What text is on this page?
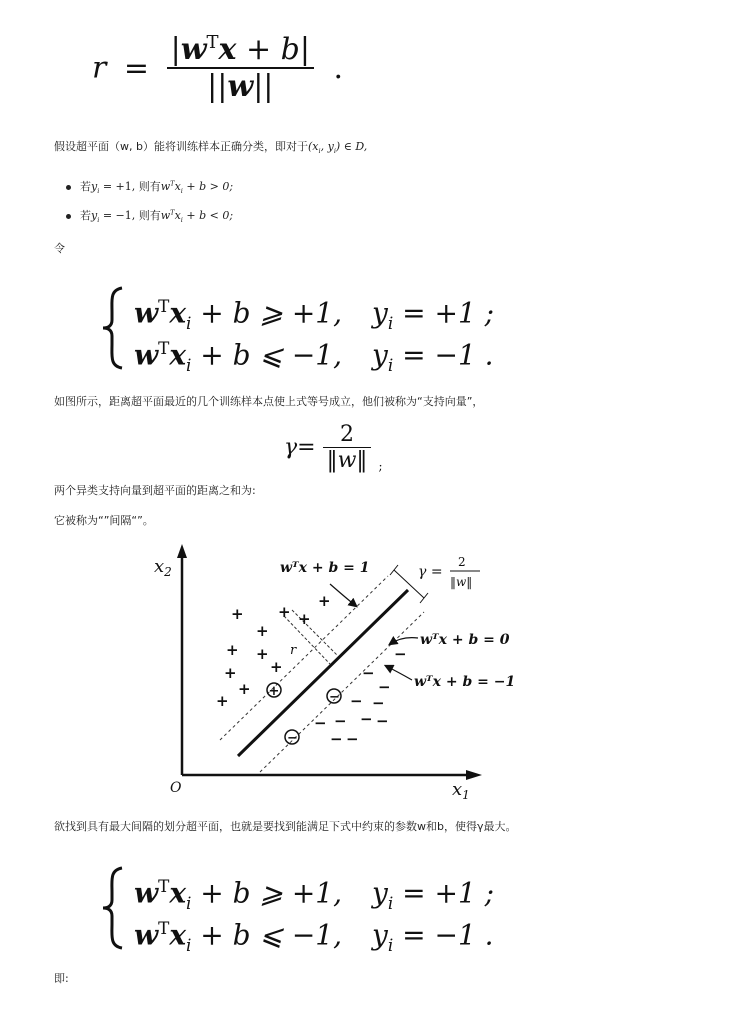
$r = \frac{|w^Tx + b|}{||w||}$ .
假设超平面（w, b）能将训练样本正确分类，即对于($x_i$, $y_i$) ∈ D,
若$y_i = +1$, 则有$w^Tx_i + b > 0$;
若$y_i = -1$, 则有$w^Tx_i + b < 0$;
令
$w^Tx_i + b$ ⩾ +1, $y_i = +1$ ;
$w^Tx_i + b$ ⩽ −1, $y_i = -1$ .
如图所示，距离超平面最近的几个训练样本点使上式等号成立，他们被称为“支持向量”，
$\gamma= \frac{2}{‖w‖}$ ;
两个异类支持向量到超平面的距离之和为:
它被称为“”间隔“”。
+ +
+
+
+
+ +
+
+
+
+
+	−
−
−
−
−
− −
−
− −
−
− −
$x_2$
$x_1$
O
r
wᵀx + b = 1
wᵀx + b = 0
wᵀx + b = −1
γ =
2
‖w‖
欲找到具有最大间隔的划分超平面，也就是要找到能满足下式中约束的参数w和b，使得γ最大。
$w^Tx_i + b$ ⩾ +1, $y_i = +1$ ;
$w^Tx_i + b$ ⩽ −1, $y_i = -1$ .
即:
